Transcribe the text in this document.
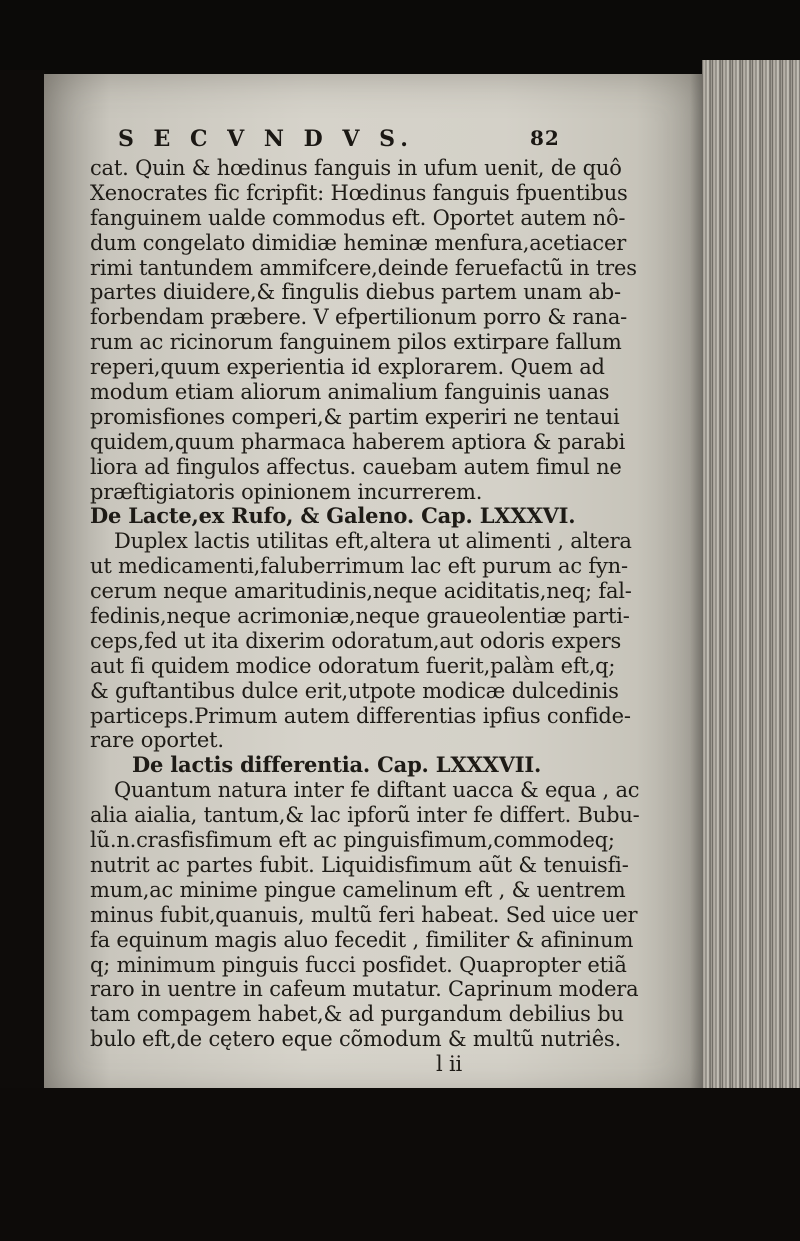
S E C V N D V S.	82
cat. Quin & hœdinus fanguis in ufum uenit, de quô
Xenocrates fic fcripfit: Hœdinus fanguis fpuentibus
fanguinem ualde commodus eft. Oportet autem nô-
dum congelato dimidiæ heminæ menfura,acetiacer
rimi tantundem ammifcere,deinde feruefactũ in tres
partes diuidere,& fingulis diebus partem unam ab-
forbendam præbere. V efpertilionum porro & rana-
rum ac ricinorum fanguinem pilos extirpare fallum
reperi,quum experientia id explorarem. Quem ad
modum etiam aliorum animalium fanguinis uanas
promisfiones comperi,& partim experiri ne tentaui
quidem,quum pharmaca haberem aptiora & parabi
liora ad fingulos affectus. cauebam autem fimul ne
præftigiatoris opinionem incurrerem.
De Lacte,ex Rufo, & Galeno. Cap. LXXXVI.
Duplex lactis utilitas eft,altera ut alimenti , altera
ut medicamenti,faluberrimum lac eft purum ac fyn-
cerum neque amaritudinis,neque aciditatis,neq; fal-
fedinis,neque acrimoniæ,neque graueolentiæ parti-
ceps,fed ut ita dixerim odoratum,aut odoris expers
aut fi quidem modice odoratum fuerit,palàm eft,q;
& guftantibus dulce erit,utpote modicæ dulcedinis
particeps.Primum autem differentias ipfius confide-
rare oportet.
De lactis differentia. Cap. LXXXVII.
Quantum natura inter fe diftant uacca & equa , ac
alia aialia, tantum,& lac ipforũ inter fe differt. Bubu-
lũ.n.crasfisfimum eft ac pinguisfimum,commodeq;
nutrit ac partes fubit. Liquidisfimum aũt & tenuisfi-
mum,ac minime pingue camelinum eft , & uentrem
minus fubit,quanuis, multũ feri habeat. Sed uice uer
fa equinum magis aluo fecedit , fimiliter & afininum
q; minimum pinguis fucci posfidet. Quapropter etiã
raro in uentre in cafeum mutatur. Caprinum modera
tam compagem habet,& ad purgandum debilius bu
bulo eft,de cętero eque cõmodum & multũ nutriês.
l ii
